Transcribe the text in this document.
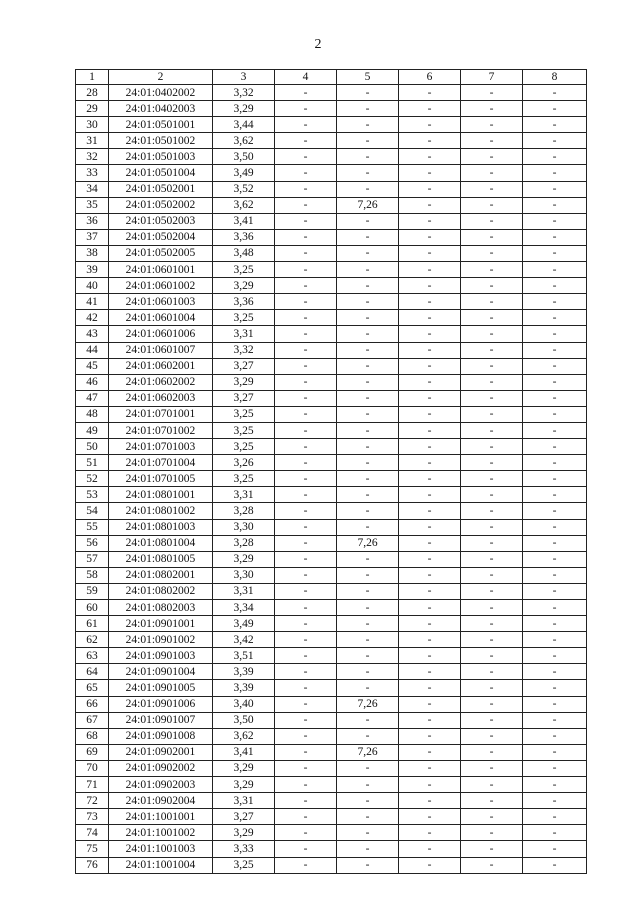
2
1	2	3	4	5	6	7	8
28	24:01:0402002	3,32	-	-	-	-	-
29	24:01:0402003	3,29	-	-	-	-	-
30	24:01:0501001	3,44	-	-	-	-	-
31	24:01:0501002	3,62	-	-	-	-	-
32	24:01:0501003	3,50	-	-	-	-	-
33	24:01:0501004	3,49	-	-	-	-	-
34	24:01:0502001	3,52	-	-	-	-	-
35	24:01:0502002	3,62	-	7,26	-	-	-
36	24:01:0502003	3,41	-	-	-	-	-
37	24:01:0502004	3,36	-	-	-	-	-
38	24:01:0502005	3,48	-	-	-	-	-
39	24:01:0601001	3,25	-	-	-	-	-
40	24:01:0601002	3,29	-	-	-	-	-
41	24:01:0601003	3,36	-	-	-	-	-
42	24:01:0601004	3,25	-	-	-	-	-
43	24:01:0601006	3,31	-	-	-	-	-
44	24:01:0601007	3,32	-	-	-	-	-
45	24:01:0602001	3,27	-	-	-	-	-
46	24:01:0602002	3,29	-	-	-	-	-
47	24:01:0602003	3,27	-	-	-	-	-
48	24:01:0701001	3,25	-	-	-	-	-
49	24:01:0701002	3,25	-	-	-	-	-
50	24:01:0701003	3,25	-	-	-	-	-
51	24:01:0701004	3,26	-	-	-	-	-
52	24:01:0701005	3,25	-	-	-	-	-
53	24:01:0801001	3,31	-	-	-	-	-
54	24:01:0801002	3,28	-	-	-	-	-
55	24:01:0801003	3,30	-	-	-	-	-
56	24:01:0801004	3,28	-	7,26	-	-	-
57	24:01:0801005	3,29	-	-	-	-	-
58	24:01:0802001	3,30	-	-	-	-	-
59	24:01:0802002	3,31	-	-	-	-	-
60	24:01:0802003	3,34	-	-	-	-	-
61	24:01:0901001	3,49	-	-	-	-	-
62	24:01:0901002	3,42	-	-	-	-	-
63	24:01:0901003	3,51	-	-	-	-	-
64	24:01:0901004	3,39	-	-	-	-	-
65	24:01:0901005	3,39	-	-	-	-	-
66	24:01:0901006	3,40	-	7,26	-	-	-
67	24:01:0901007	3,50	-	-	-	-	-
68	24:01:0901008	3,62	-	-	-	-	-
69	24:01:0902001	3,41	-	7,26	-	-	-
70	24:01:0902002	3,29	-	-	-	-	-
71	24:01:0902003	3,29	-	-	-	-	-
72	24:01:0902004	3,31	-	-	-	-	-
73	24:01:1001001	3,27	-	-	-	-	-
74	24:01:1001002	3,29	-	-	-	-	-
75	24:01:1001003	3,33	-	-	-	-	-
76	24:01:1001004	3,25	-	-	-	-	-
